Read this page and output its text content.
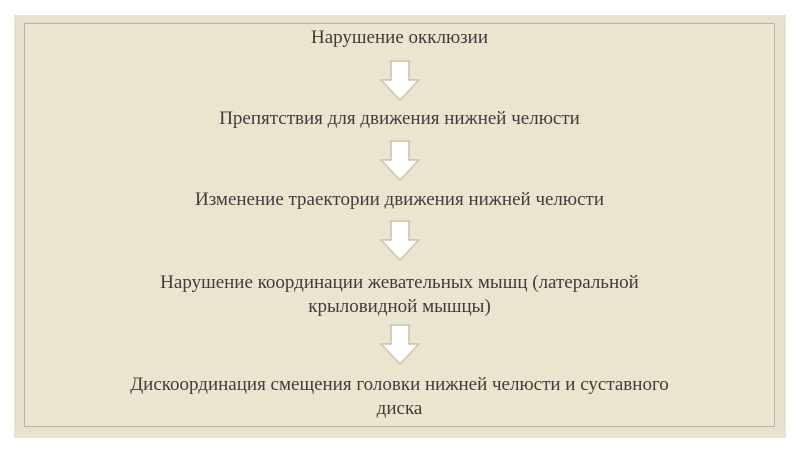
Нарушение окклюзии
Препятствия для движения нижней челюсти
Изменение траектории движения нижней челюсти
Нарушение координации жевательных мышц (латеральной
крыловидной мышцы)
Дискоординация смещения головки нижней челюсти и суставного
диска
